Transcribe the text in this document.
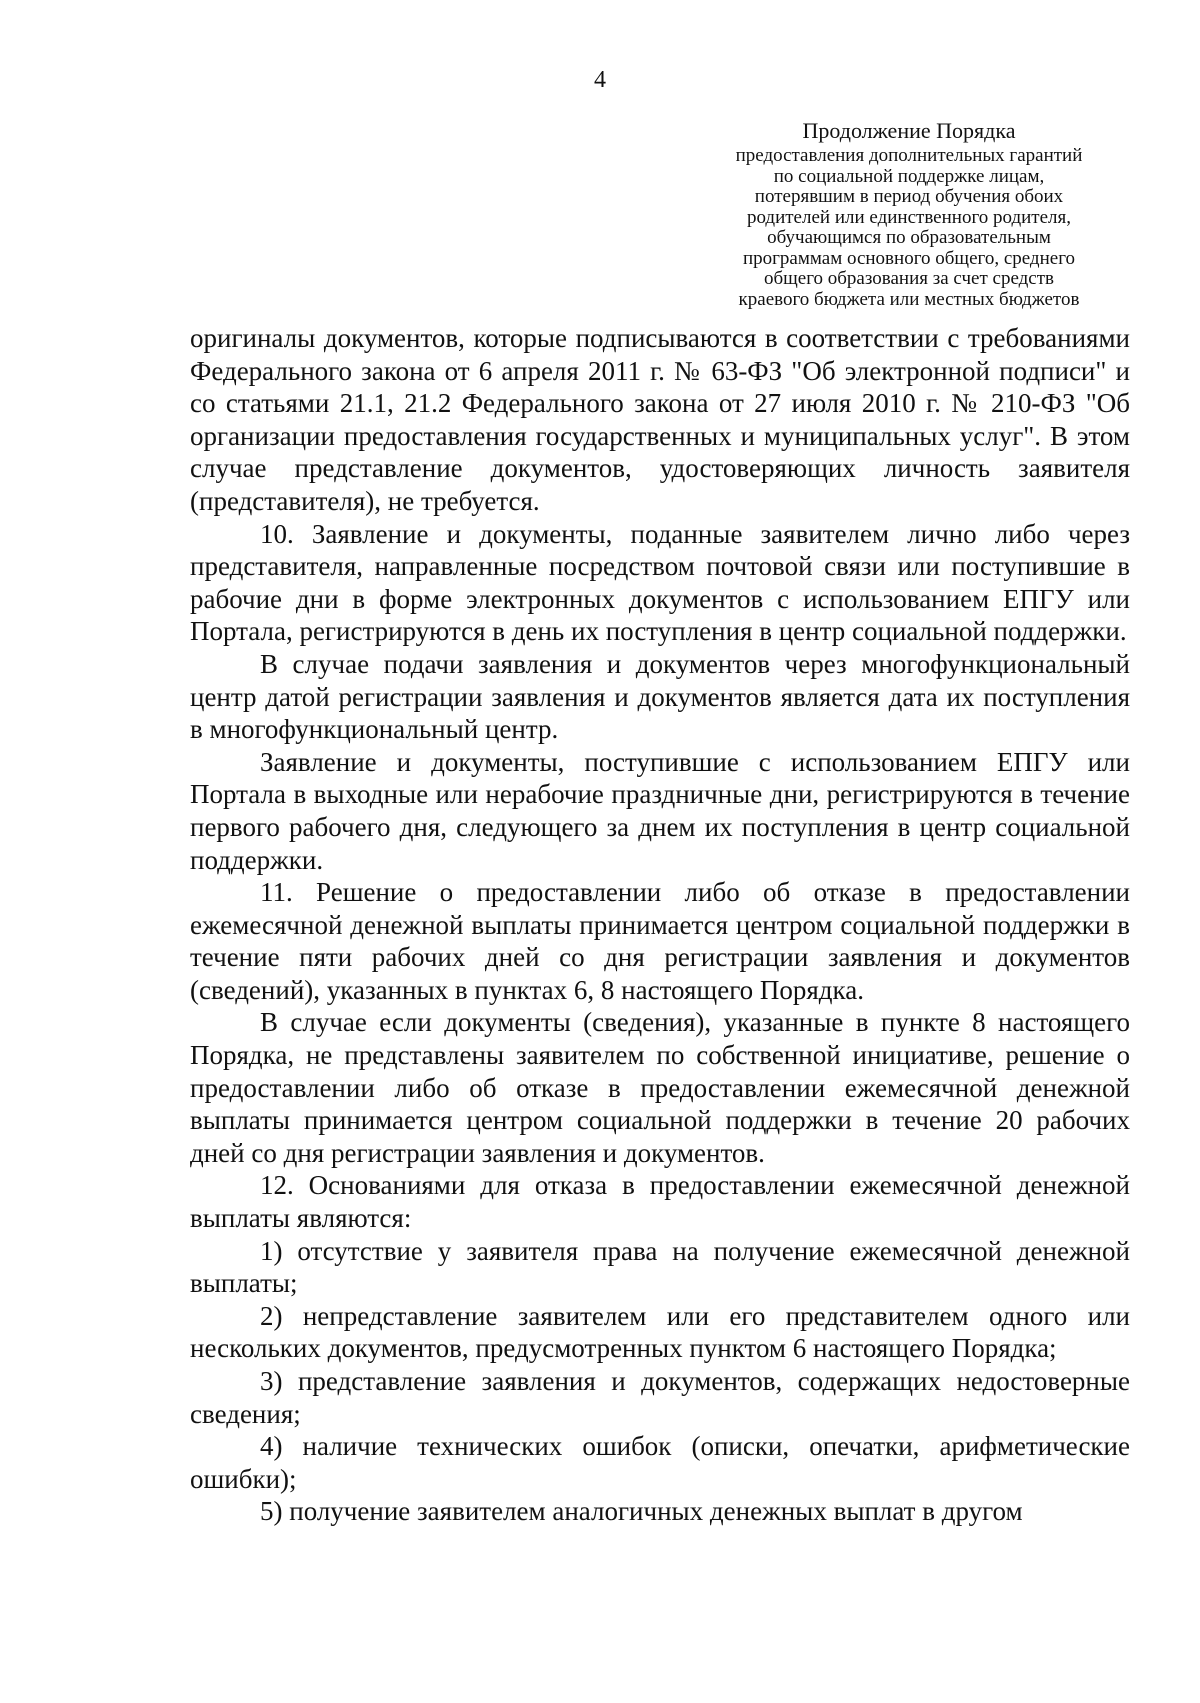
4
Продолжение Порядка
предоставления дополнительных гарантий
по социальной поддержке лицам,
потерявшим в период обучения обоих
родителей или единственного родителя,
обучающимся по образовательным
программам основного общего, среднего
общего образования за счет средств
краевого бюджета или местных бюджетов

оригиналы документов, которые подписываются в соответствии с требованиями Федерального закона от 6 апреля 2011 г. № 63-ФЗ "Об электронной подписи" и со статьями 21.1, 21.2 Федерального закона от 27 июля 2010 г. № 210-ФЗ "Об организации предоставления государственных и муниципальных услуг". В этом случае представление документов, удостоверяющих личность заявителя (представителя), не требуется.

10. Заявление и документы, поданные заявителем лично либо через представителя, направленные посредством почтовой связи или поступившие в рабочие дни в форме электронных документов с использованием ЕПГУ или Портала, регистрируются в день их поступления в центр социальной поддержки.

В случае подачи заявления и документов через многофункциональный центр датой регистрации заявления и документов является дата их поступления в многофункциональный центр.

Заявление и документы, поступившие с использованием ЕПГУ или Портала в выходные или нерабочие праздничные дни, регистрируются в течение первого рабочего дня, следующего за днем их поступления в центр социальной поддержки.

11. Решение о предоставлении либо об отказе в предоставлении ежемесячной денежной выплаты принимается центром социальной поддержки в течение пяти рабочих дней со дня регистрации заявления и документов (сведений), указанных в пунктах 6, 8 настоящего Порядка.

В случае если документы (сведения), указанные в пункте 8 настоящего Порядка, не представлены заявителем по собственной инициативе, решение о предоставлении либо об отказе в предоставлении ежемесячной денежной выплаты принимается центром социальной поддержки в течение 20 рабочих дней со дня регистрации заявления и документов.

12. Основаниями для отказа в предоставлении ежемесячной денежной выплаты являются:

1) отсутствие у заявителя права на получение ежемесячной денежной выплаты;

2) непредставление заявителем или его представителем одного или нескольких документов, предусмотренных пунктом 6 настоящего Порядка;

3) представление заявления и документов, содержащих недостоверные сведения;

4) наличие технических ошибок (описки, опечатки, арифметические ошибки);

5) получение заявителем аналогичных денежных выплат в другом
